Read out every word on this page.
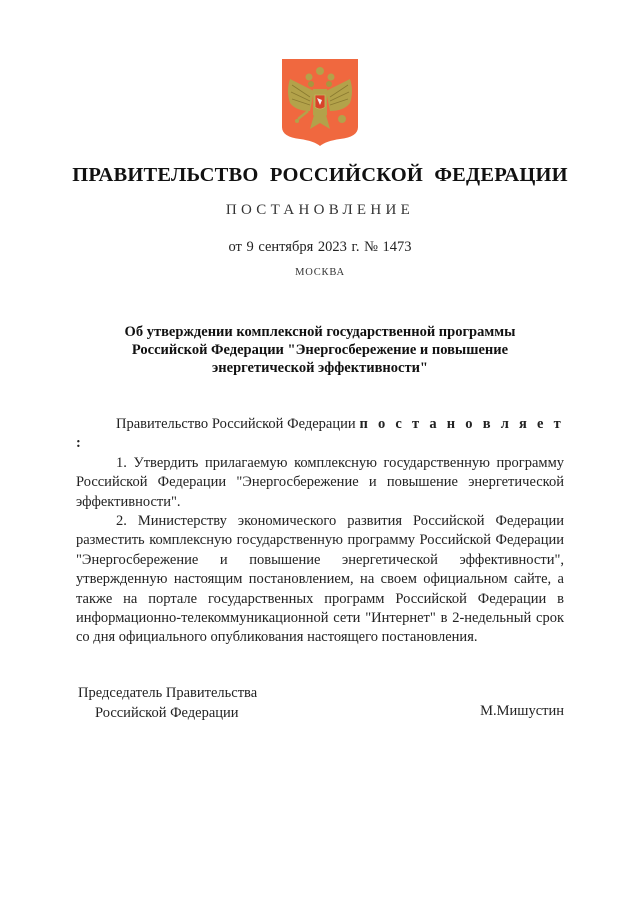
ПРАВИТЕЛЬСТВО РОССИЙСКОЙ ФЕДЕРАЦИИ
ПОСТАНОВЛЕНИЕ
от 9 сентября 2023 г. № 1473
МОСКВА
Об утверждении комплексной государственной программы
Российской Федерации "Энергосбережение и повышение
энергетической эффективности"

Правительство Российской Федерации п о с т а н о в л я е т :

1. Утвердить прилагаемую комплексную государственную программу Российской Федерации "Энергосбережение и повышение энергетической эффективности".

2. Министерству экономического развития Российской Федерации разместить комплексную государственную программу Российской Федерации "Энергосбережение и повышение энергетической эффективности", утвержденную настоящим постановлением, на своем официальном сайте, а также на портале государственных программ Российской Федерации в информационно-телекоммуникационной сети "Интернет" в 2-недельный срок со дня официального опубликования настоящего постановления.

Председатель Правительства
Российской Федерации	М.Мишустин
